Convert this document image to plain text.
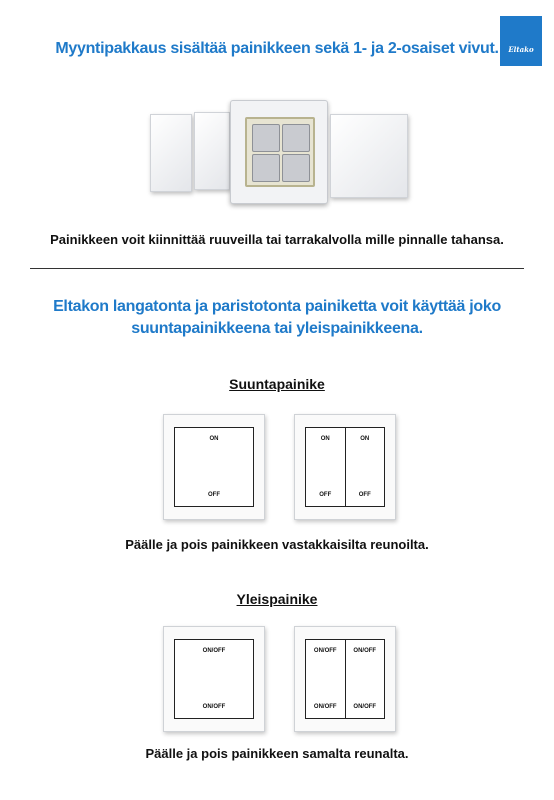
Eltako
Myyntipakkaus sisältää painikkeen sekä 1- ja 2-osaiset vivut.
Painikkeen voit kiinnittää ruuveilla tai tarrakalvolla mille pinnalle tahansa.
Eltakon langatonta ja paristotonta painiketta voit käyttää joko
suuntapainikkeena tai yleispainikkeena.
Suuntapainike
ON
OFF
ON
OFF
ON
OFF
Päälle ja pois painikkeen vastakkaisilta reunoilta.
Yleispainike
ON/OFF
ON/OFF
ON/OFF
ON/OFF
ON/OFF
ON/OFF
Päälle ja pois painikkeen samalta reunalta.
